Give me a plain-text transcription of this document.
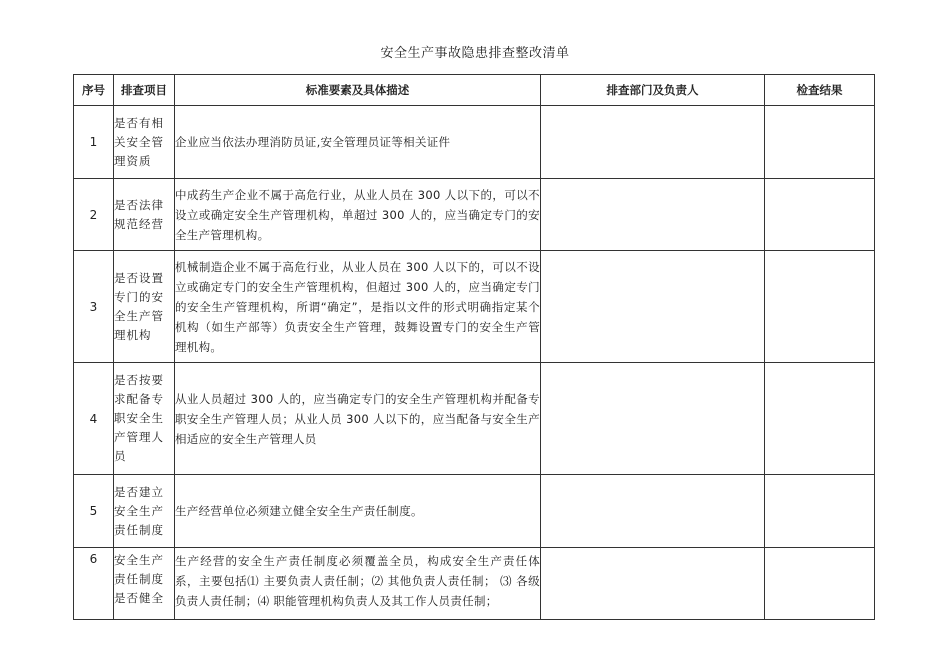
安全生产事故隐患排查整改清单
序号	排查项目	标准要素及具体描述	排查部门及负责人	检查结果
1	是否有相关安全管理资质	企业应当依法办理消防员证,安全管理员证等相关证件		
2	是否法律规范经营	中成药生产企业不属于高危行业，从业人员在 300 人以下的，可以不设立或确定安全生产管理机构，单超过 300 人的，应当确定专门的安全生产管理机构。		
3	是否设置专门的安全生产管理机构	机械制造企业不属于高危行业，从业人员在 300 人以下的，可以不设立或确定专门的安全生产管理机构，但超过 300 人的，应当确定专门的安全生产管理机构，所谓“确定”，是指以文件的形式明确指定某个机构（如生产部等）负责安全生产管理，鼓舞设置专门的安全生产管理机构。		
4	是否按要求配备专职安全生产管理人员	从业人员超过 300 人的，应当确定专门的安全生产管理机构并配备专职安全生产管理人员；从业人员 300 人以下的，应当配备与安全生产相适应的安全生产管理人员		
5	是否建立安全生产责任制度	生产经营单位必须建立健全安全生产责任制度。		
6	安全生产责任制度是否健全	生产经营的安全生产责任制度必须覆盖全员，构成安全生产责任体系，主要包括⑴ 主要负责人责任制；⑵ 其他负责人责任制； ⑶ 各级负责人责任制；⑷ 职能管理机构负责人及其工作人员责任制；		
